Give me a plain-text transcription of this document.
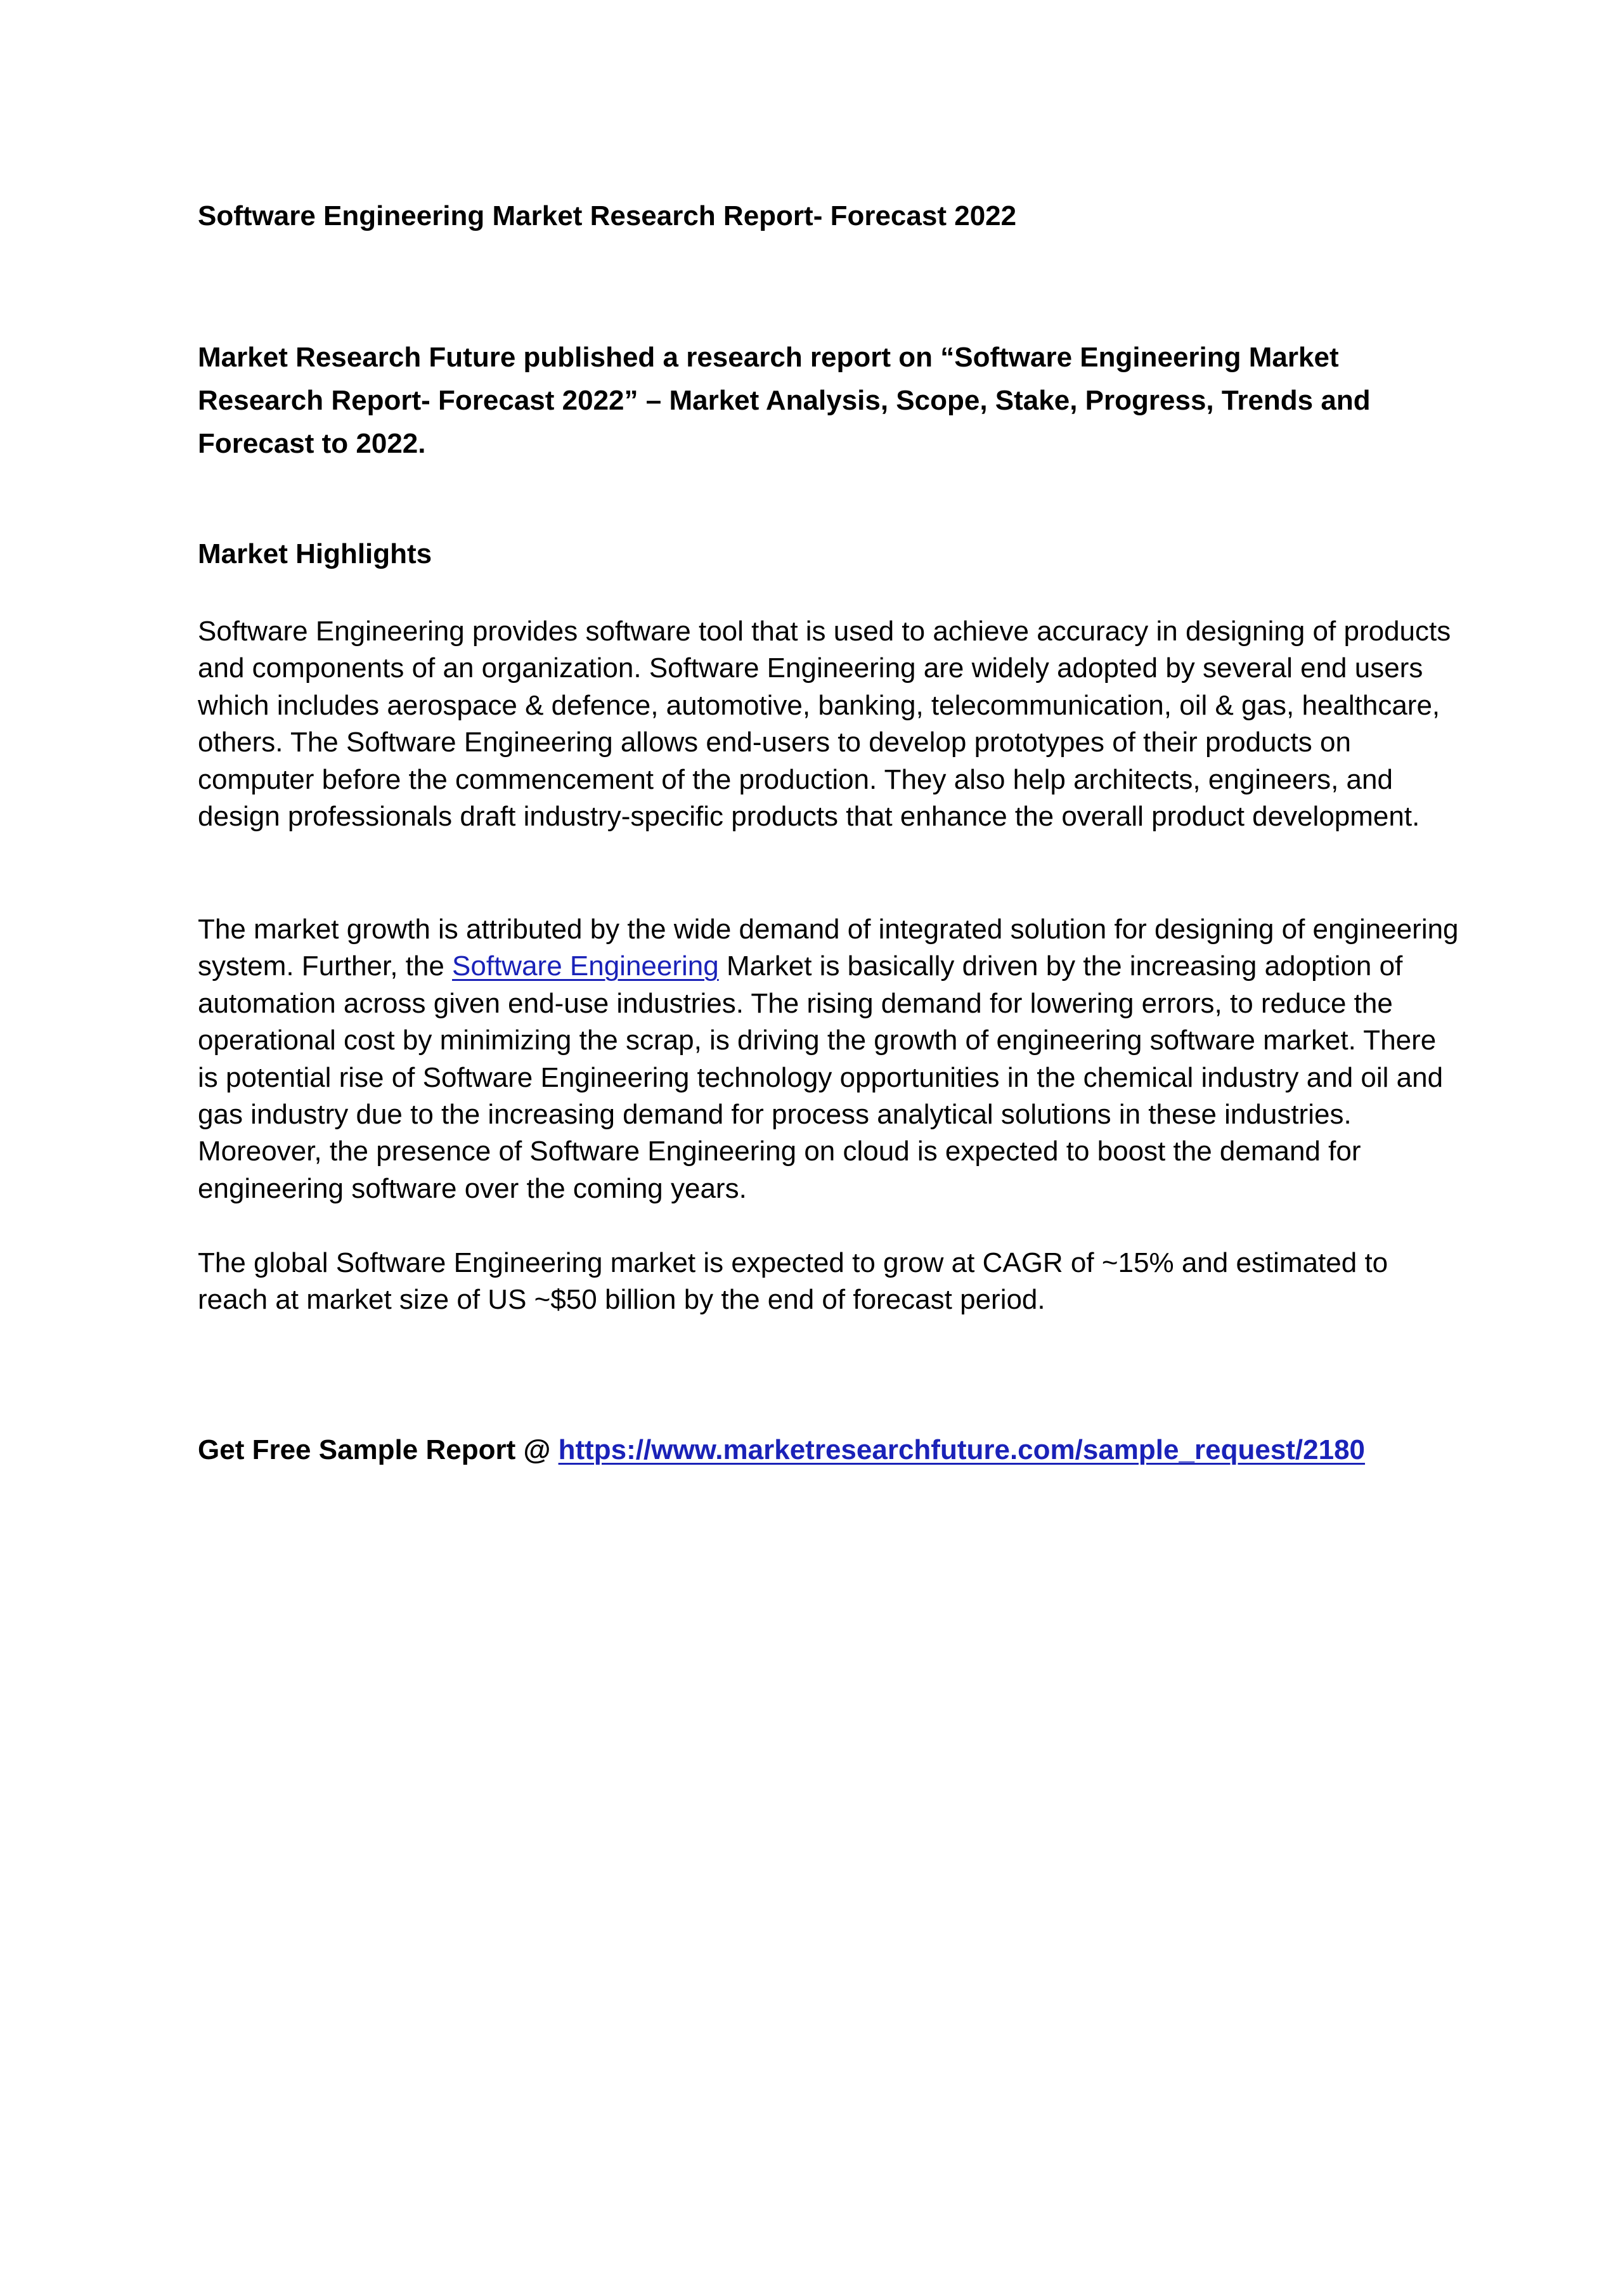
Software Engineering Market Research Report- Forecast 2022
Market Research Future published a research report on “Software Engineering Market Research Report- Forecast 2022” – Market Analysis, Scope, Stake, Progress, Trends and Forecast to 2022.
Market Highlights

Software Engineering provides software tool that is used to achieve accuracy in designing of products and components of an organization. Software Engineering are widely adopted by several end users which includes aerospace & defence, automotive, banking, telecommunication, oil & gas, healthcare, others. The Software Engineering allows end-users to develop prototypes of their products on computer before the commencement of the production. They also help architects, engineers, and design professionals draft industry-specific products that enhance the overall product development.

The market growth is attributed by the wide demand of integrated solution for designing of engineering system. Further, the Software Engineering Market is basically driven by the increasing adoption of automation across given end-use industries. The rising demand for lowering errors, to reduce the operational cost by minimizing the scrap, is driving the growth of engineering software market. There is potential rise of Software Engineering technology opportunities in the chemical industry and oil and gas industry due to the increasing demand for process analytical solutions in these industries. Moreover, the presence of Software Engineering on cloud is expected to boost the demand for engineering software over the coming years.

The global Software Engineering market is expected to grow at CAGR of ~15% and estimated to reach at market size of US ~$50 billion by the end of forecast period.

Get Free Sample Report @ https://www.marketresearchfuture.com/sample_request/2180
